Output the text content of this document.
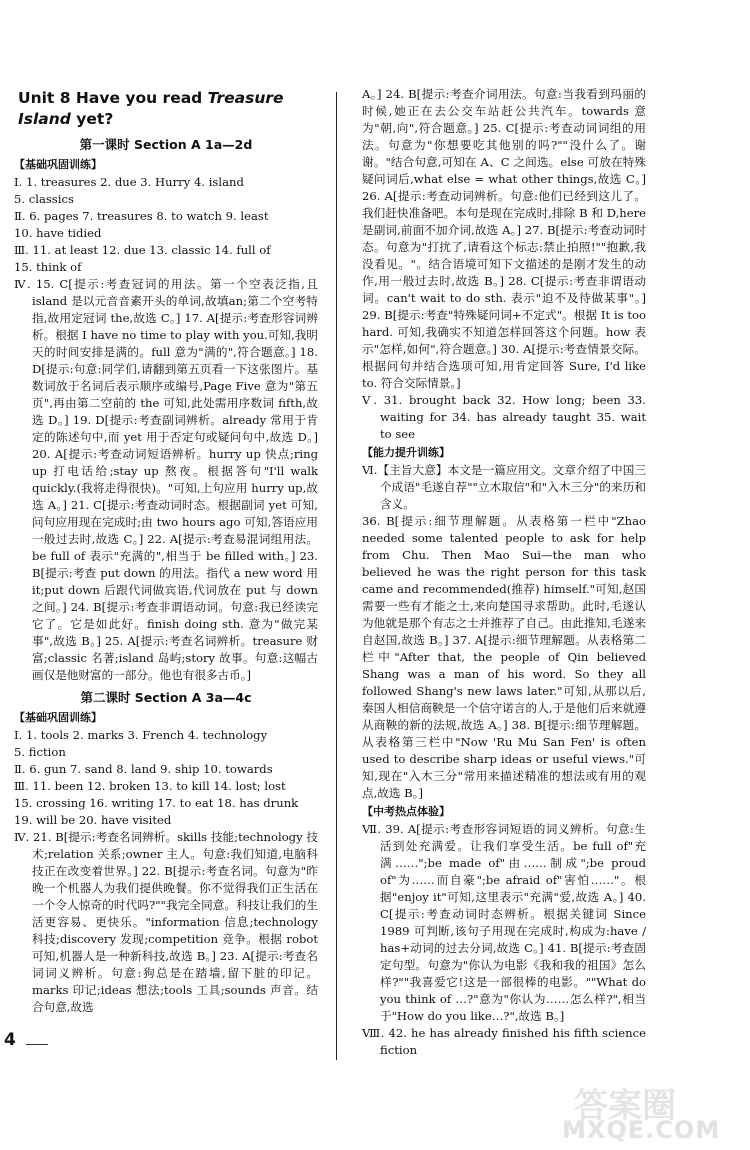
Unit 8 Have you read Treasure
Island yet?
第一课时 Section A 1a—2d
【基础巩固训练】

Ⅰ. 1. treasures 2. due 3. Hurry 4. island

5. classics

Ⅱ. 6. pages 7. treasures 8. to watch 9. least

10. have tidied

Ⅲ. 11. at least 12. due 13. classic 14. full of

15. think of

Ⅳ. 15. C[提示:考查冠词的用法。第一个空表泛指,且island 是以元音音素开头的单词,故填an;第二个空考特指,故用定冠词 the,故选 C。] 17. A[提示:考查形容词辨析。根据 I have no time to play with you.可知,我明天的时间安排是满的。full 意为"满的",符合题意。] 18. D[提示:句意:同学们,请翻到第五页看一下这张图片。基数词放于名词后表示顺序或编号,Page Five 意为"第五页",再由第二空前的 the 可知,此处需用序数词 fifth,故选 D。] 19. D[提示:考查副词辨析。already 常用于肯定的陈述句中,而 yet 用于否定句或疑问句中,故选 D。] 20. A[提示:考查动词短语辨析。hurry up 快点;ring up 打电话给;stay up 熬夜。根据答句"I'll walk quickly.(我将走得很快)。"可知,上句应用 hurry up,故选 A。] 21. C[提示:考查动词时态。根据副词 yet 可知,问句应用现在完成时;由 two hours ago 可知,答语应用一般过去时,故选 C。] 22. A[提示:考查易混词组用法。be full of 表示"充满的",相当于 be filled with。] 23. B[提示:考查 put down 的用法。指代 a new word 用 it;put down 后跟代词做宾语,代词放在 put 与 down 之间。] 24. B[提示:考查非谓语动词。句意:我已经读完它了。它是如此好。finish doing sth. 意为"做完某事",故选 B。] 25. A[提示:考查名词辨析。treasure 财富;classic 名著;island 岛屿;story 故事。句意:这幅古画仅是他财富的一部分。他也有很多古币。]

第二课时 Section A 3a—4c
【基础巩固训练】

Ⅰ. 1. tools 2. marks 3. French 4. technology

5. fiction

Ⅱ. 6. gun 7. sand 8. land 9. ship 10. towards

Ⅲ. 11. been 12. broken 13. to kill 14. lost; lost

15. crossing 16. writing 17. to eat 18. has drunk

19. will be 20. have visited

Ⅳ. 21. B[提示:考查名词辨析。skills 技能;technology 技术;relation 关系;owner 主人。句意:我们知道,电脑科技正在改变着世界。] 22. B[提示:考查名词。句意为"昨晚一个机器人为我们提供晚餐。你不觉得我们正生活在一个令人惊奇的时代吗?""我完全同意。科技让我们的生活更容易、更快乐。"information 信息;technology 科技;discovery 发现;competition 竞争。根据 robot 可知,机器人是一种新科技,故选 B。] 23. A[提示:考查名词词义辨析。句意:狗总是在踏墙,留下脏的印记。marks 印记;ideas 想法;tools 工具;sounds 声音。结合句意,故选

A。] 24. B[提示:考查介词用法。句意:当我看到玛丽的时候,她正在去公交车站赶公共汽车。towards 意为"朝,向",符合题意。] 25. C[提示:考查动词词组的用法。句意为"你想要吃其他别的吗?""没什么了。谢谢。"结合句意,可知在 A、C 之间选。else 可放在特殊疑问词后,what else = what other things,故选 C。] 26. A[提示:考查动词辨析。句意:他们已经到这儿了。我们赶快准备吧。本句是现在完成时,排除 B 和 D,here 是副词,前面不加介词,故选 A。] 27. B[提示:考查动词时态。句意为"打扰了,请看这个标志:禁止拍照!""抱歉,我没看见。"。结合语境可知下文描述的是刚才发生的动作,用一般过去时,故选 B。] 28. C[提示:考查非谓语动词。can't wait to do sth. 表示"迫不及待做某事"。] 29. B[提示:考查"特殊疑问词+不定式"。根据 It is too hard. 可知,我确实不知道怎样回答这个问题。how 表示"怎样,如何",符合题意。] 30. A[提示:考查情景交际。根据问句并结合选项可知,用肯定回答 Sure, I'd like to. 符合交际情景。]

Ⅴ. 31. brought back 32. How long; been 33. waiting for 34. has already taught 35. wait to see

【能力提升训练】

Ⅵ.【主旨大意】本文是一篇应用文。文章介绍了中国三个成语"毛遂自荐""立木取信"和"入木三分"的来历和含义。

36. B[提示:细节理解题。从表格第一栏中"Zhao needed some talented people to ask for help from Chu. Then Mao Sui—the man who believed he was the right person for this task came and recommended(推荐) himself."可知,赵国需要一些有才能之士,来向楚国寻求帮助。此时,毛遂认为他就是那个有志之士并推荐了自己。由此推知,毛遂来自赵国,故选 B。] 37. A[提示:细节理解题。从表格第二栏中"After that, the people of Qin believed Shang was a man of his word. So they all followed Shang's new laws later."可知,从那以后,秦国人相信商鞅是一个信守诺言的人,于是他们后来就遵从商鞅的新的法规,故选 A。] 38. B[提示:细节理解题。从表格第三栏中"Now 'Ru Mu San Fen' is often used to describe sharp ideas or useful views."可知,现在"入木三分"常用来描述精准的想法或有用的观点,故选 B。]

【中考热点体验】

Ⅶ. 39. A[提示:考查形容词短语的词义辨析。句意:生活到处充满爱。让我们享受生活。be full of"充满……";be made of"由……制成";be proud of"为……而自豪";be afraid of"害怕……"。根据"enjoy it"可知,这里表示"充满"爱,故选 A。] 40. C[提示:考查动词时态辨析。根据关键词 Since 1989 可判断,该句子用现在完成时,构成为:have / has+动词的过去分词,故选 C。] 41. B[提示:考查固定句型。句意为"你认为电影《我和我的祖国》怎么样?""我喜爱它!这是一部很棒的电影。""What do you think of …?"意为"你认为……怎么样?",相当于"How do you like…?",故选 B。]

Ⅷ. 42. he has already finished his fifth science fiction

4
答案圈
MXQE.COM
